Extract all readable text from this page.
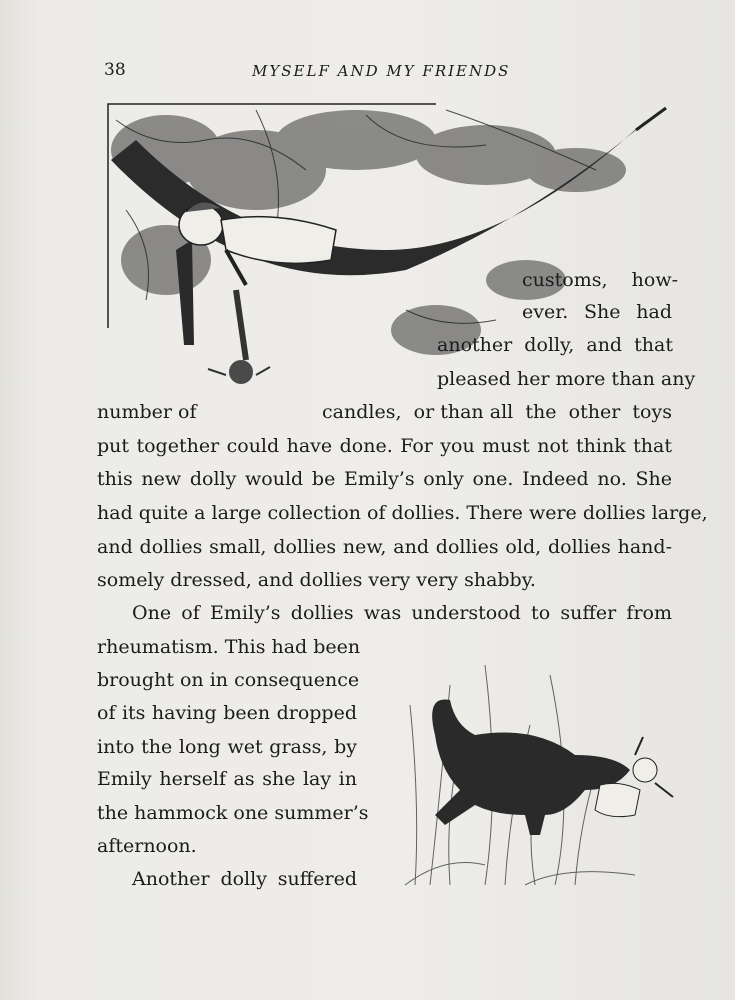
38	MYSELF AND MY FRIENDS
customs,    how-
ever.  She  had
another  dolly,  and  that
pleased her more than any
number of	candles,  or than all  the  other  toys
put together could have done. For you must not think that
this new dolly would be Emily’s only one. Indeed no. She
had quite a large collection of dollies. There were dollies large,
and dollies small, dollies new, and dollies old, dollies hand-
somely dressed, and dollies very very shabby.
One of Emily’s dollies was understood to suffer from
rheumatism. This had been
brought on in consequence
of its having been dropped
into the long wet grass, by
Emily herself as she lay in
the hammock one summer’s
afternoon.
Another dolly suffered
